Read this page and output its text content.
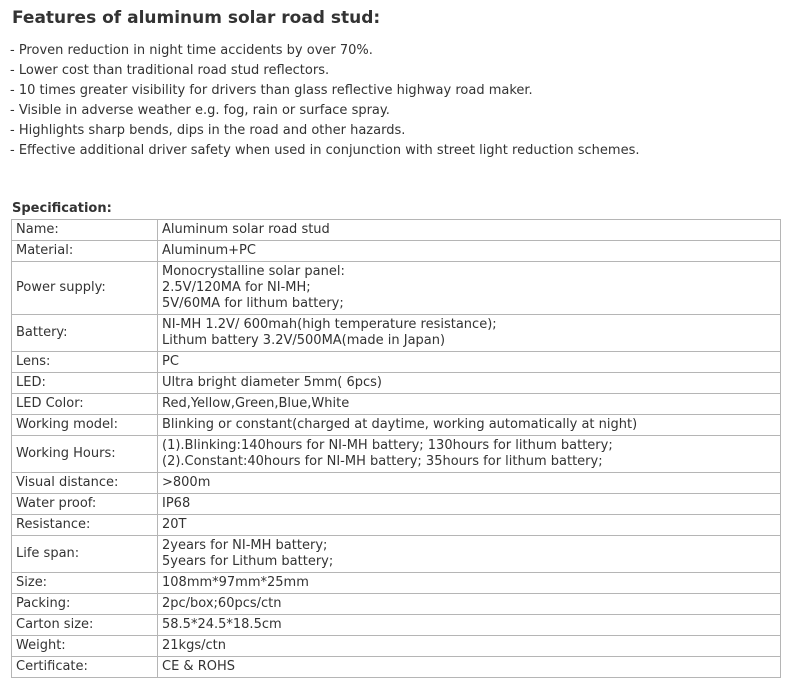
Features of aluminum solar road stud:
- Proven reduction in night time accidents by over 70%.
- Lower cost than traditional road stud reflectors.
- 10 times greater visibility for drivers than glass reflective highway road maker.
- Visible in adverse weather e.g. fog, rain or surface spray.
- Highlights sharp bends, dips in the road and other hazards.
- Effective additional driver safety when used in conjunction with street light reduction schemes.
Specification:
Name:	Aluminum solar road stud

Material:	Aluminum+PC

Power supply:	Monocrystalline solar panel:
2.5V/120MA for NI-MH;
5V/60MA for lithum battery;

Battery:	NI-MH 1.2V/ 600mah(high temperature resistance);
Lithum battery 3.2V/500MA(made in Japan)

Lens:	PC

LED:	Ultra bright diameter 5mm( 6pcs)

LED Color:	Red,Yellow,Green,Blue,White

Working model:	Blinking or constant(charged at daytime, working automatically at night)

Working Hours:	(1).Blinking:140hours for NI-MH battery; 130hours for lithum battery;
(2).Constant:40hours for NI-MH battery; 35hours for lithum battery;

Visual distance:	>800m

Water proof:	IP68

Resistance:	20T

Life span:	2years for NI-MH battery;
5years for Lithum battery;

Size:	108mm*97mm*25mm

Packing:	2pc/box;60pcs/ctn

Carton size:	58.5*24.5*18.5cm

Weight:	21kgs/ctn

Certificate:	CE & ROHS
